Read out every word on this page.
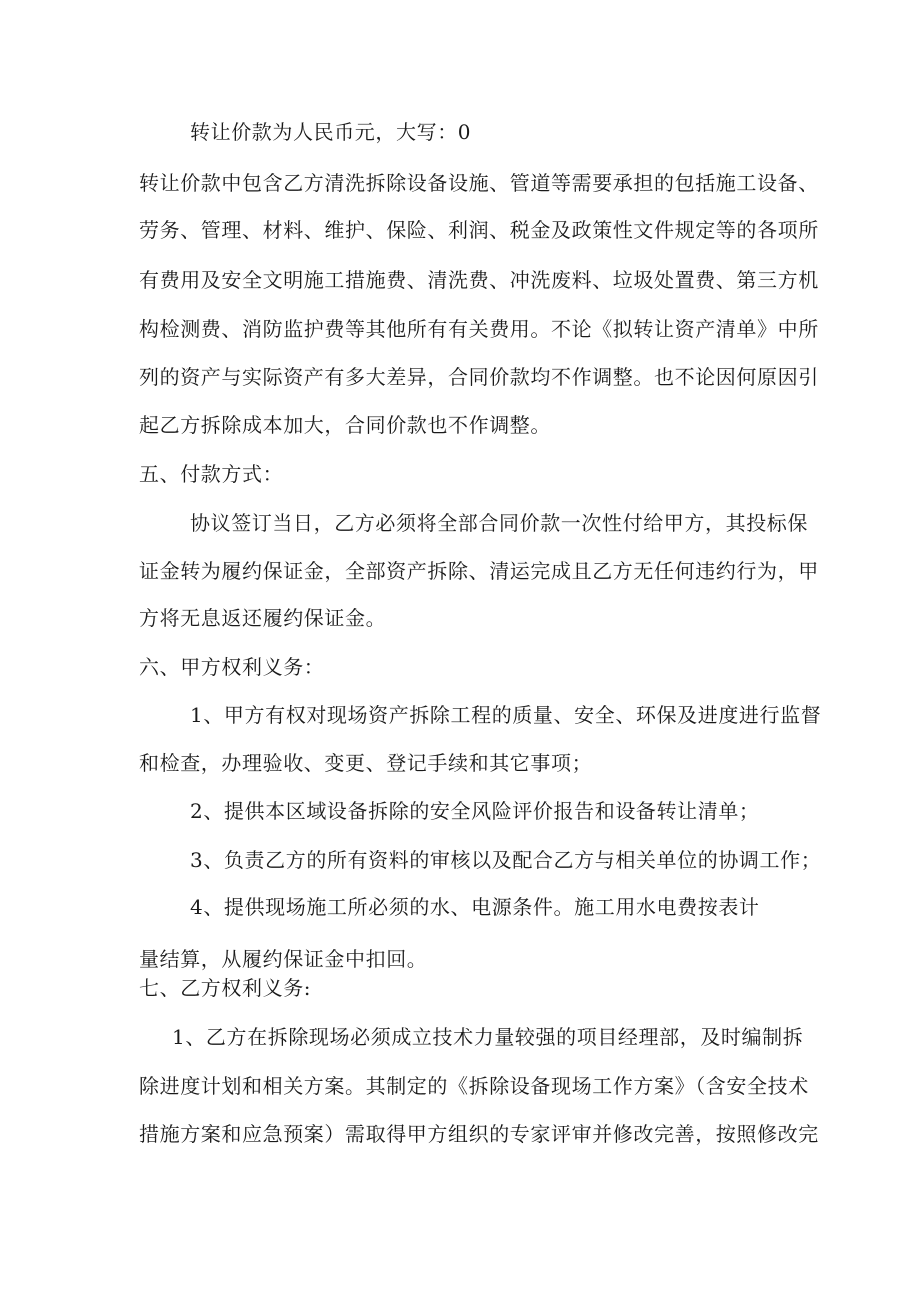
转让价款为人民币元，大写：0
转让价款中包含乙方清洗拆除设备设施、管道等需要承担的包括施工设备、
劳务、管理、材料、维护、保险、利润、税金及政策性文件规定等的各项所
有费用及安全文明施工措施费、清洗费、冲洗废料、垃圾处置费、第三方机
构检测费、消防监护费等其他所有有关费用。不论《拟转让资产清单》中所
列的资产与实际资产有多大差异，合同价款均不作调整。也不论因何原因引
起乙方拆除成本加大，合同价款也不作调整。
五、付款方式：
协议签订当日，乙方必须将全部合同价款一次性付给甲方，其投标保
证金转为履约保证金，全部资产拆除、清运完成且乙方无任何违约行为，甲
方将无息返还履约保证金。
六、甲方权利义务：
1、甲方有权对现场资产拆除工程的质量、安全、环保及进度进行监督
和检查，办理验收、变更、登记手续和其它事项；
2、提供本区域设备拆除的安全风险评价报告和设备转让清单；
3、负责乙方的所有资料的审核以及配合乙方与相关单位的协调工作；
4、提供现场施工所必须的水、电源条件。施工用水电费按表计
量结算，从履约保证金中扣回。
七、乙方权利义务:
1、乙方在拆除现场必须成立技术力量较强的项目经理部，及时编制拆
除进度计划和相关方案。其制定的《拆除设备现场工作方案》（含安全技术
措施方案和应急预案）需取得甲方组织的专家评审并修改完善，按照修改完
